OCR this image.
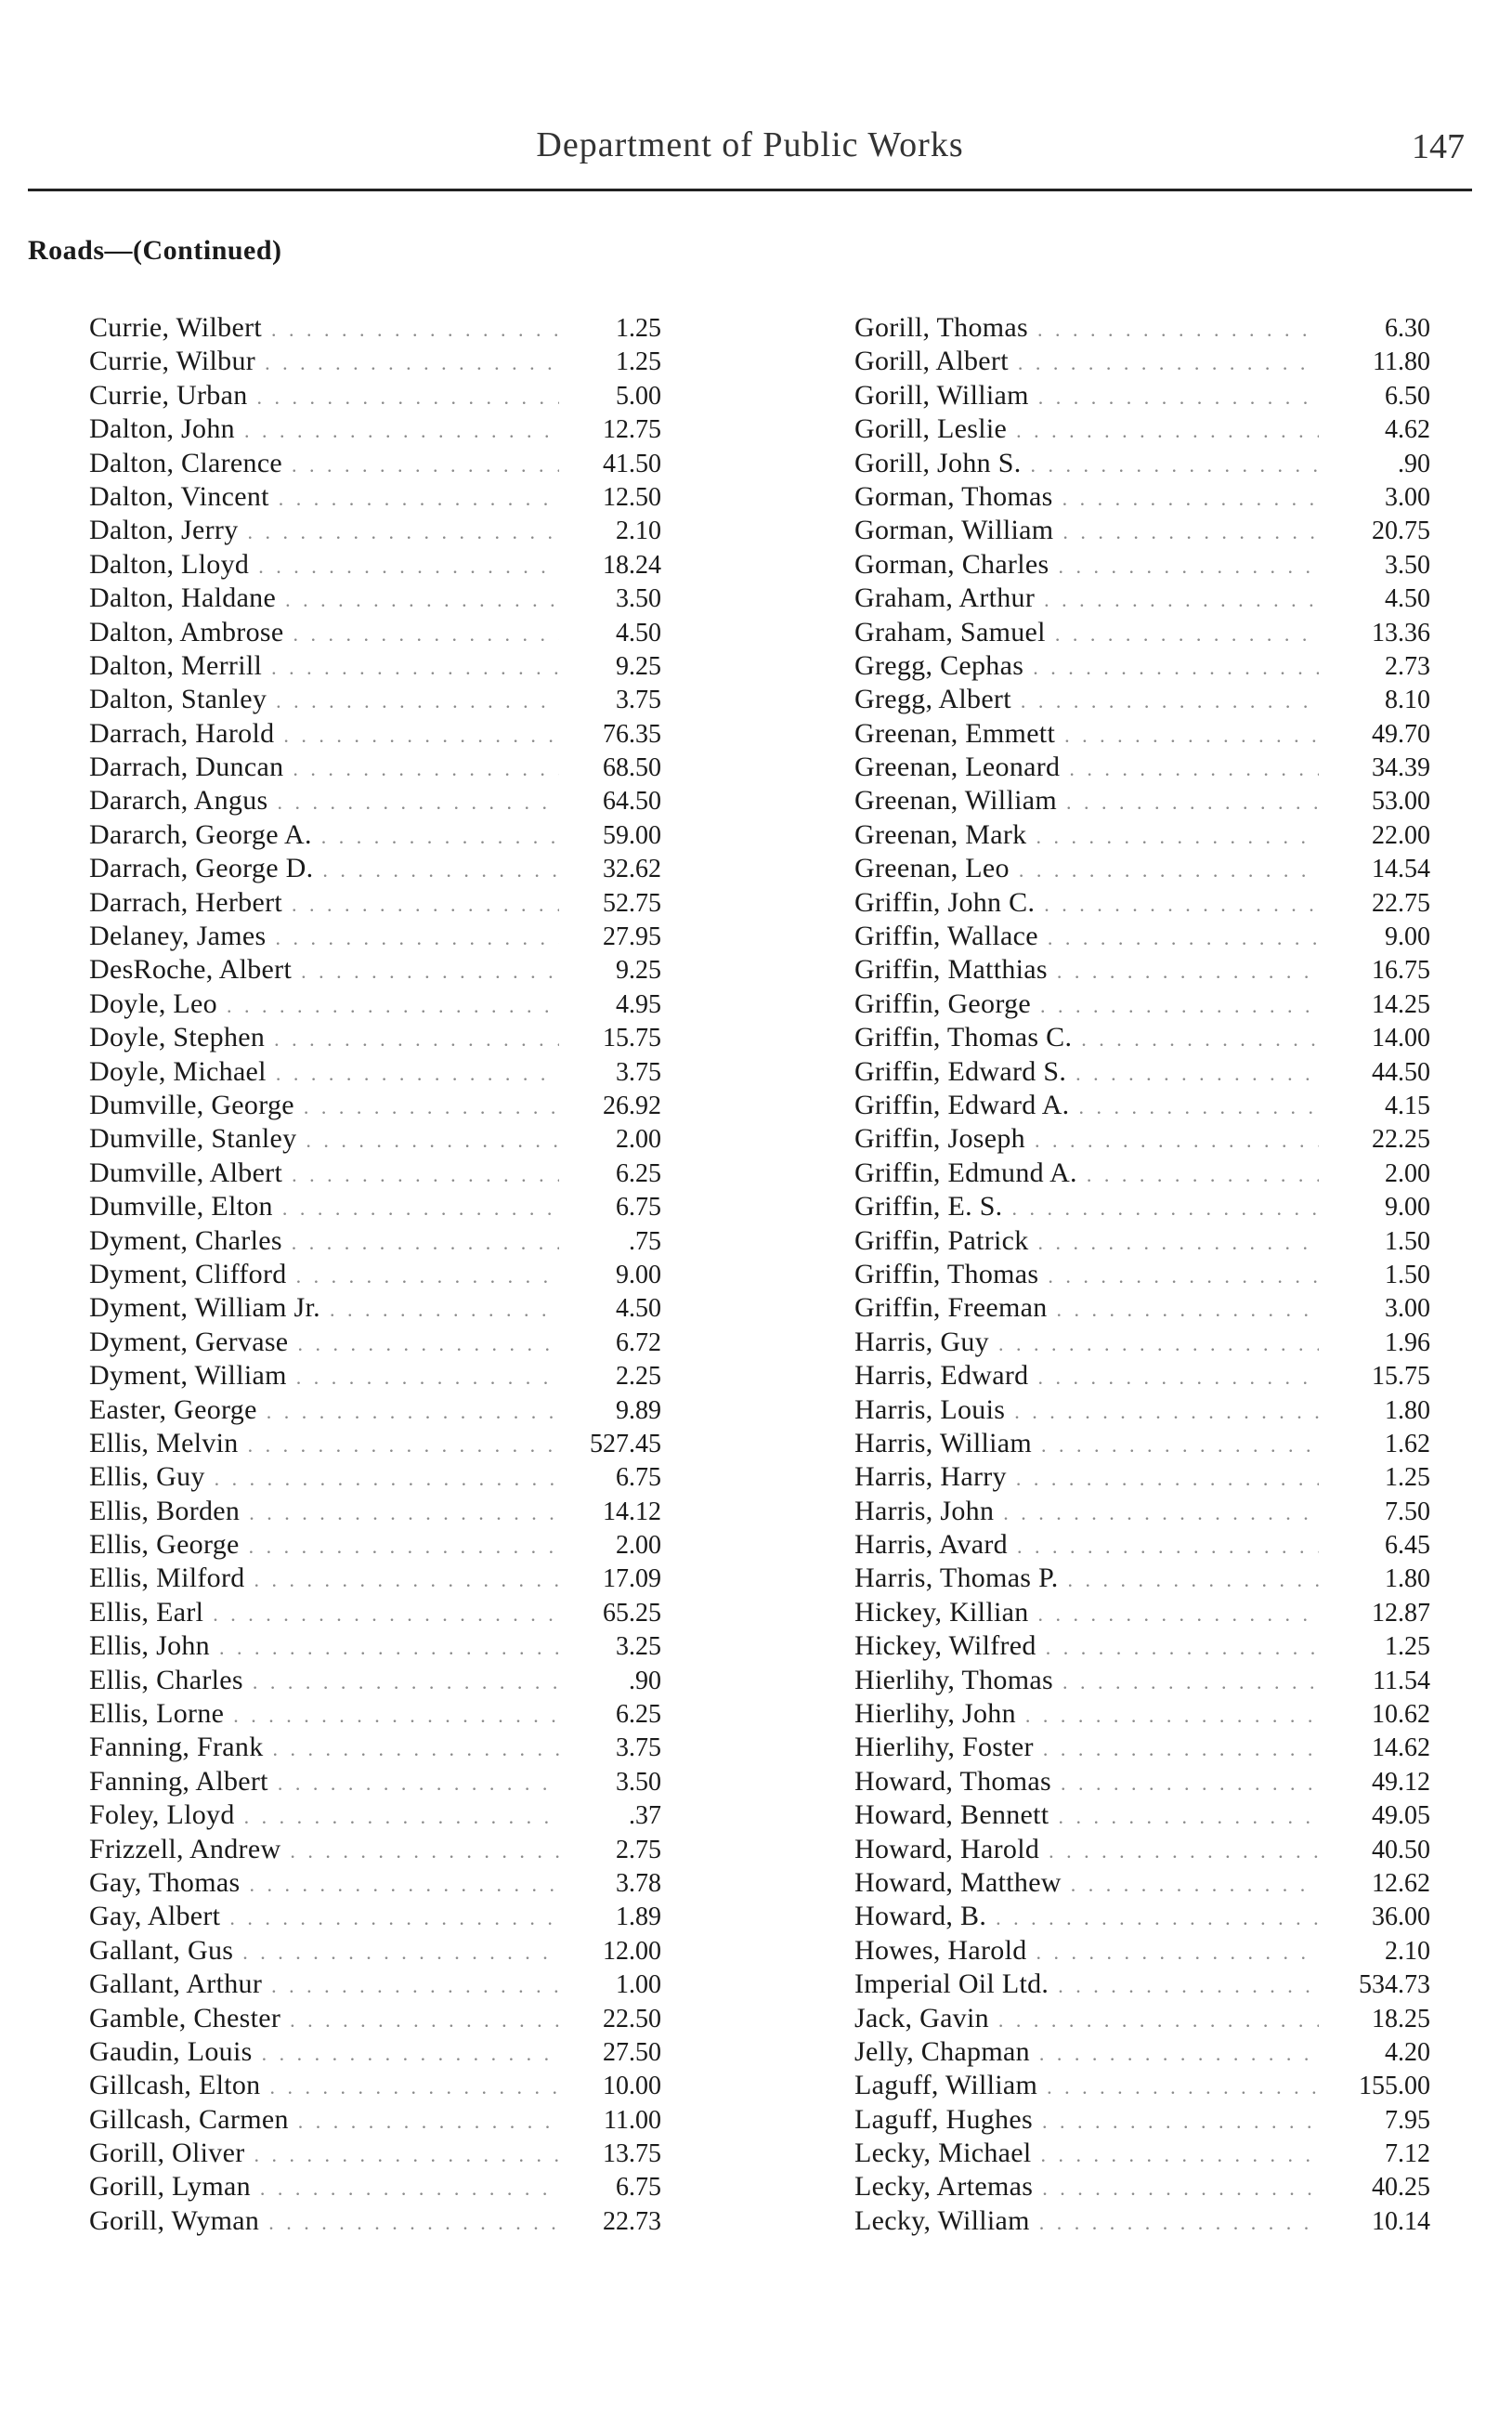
Department of Public Works	147
Roads—(Continued)
Currie, Wilbert . . .	1.25
Currie, Wilbur . . .	1.25
Currie, Urban . . .	5.00
Dalton, John . . .	12.75
Dalton, Clarence . . .	41.50
Dalton, Vincent . . .	12.50
Dalton, Jerry . . .	2.10
Dalton, Lloyd . . .	18.24
Dalton, Haldane . . .	3.50
Dalton, Ambrose . . .	4.50
Dalton, Merrill . . .	9.25
Dalton, Stanley . . .	3.75
Darrach, Harold . . .	76.35
Darrach, Duncan . . .	68.50
Dararch, Angus . . .	64.50
Dararch, George A. . . .	59.00
Darrach, George D. . . .	32.62
Darrach, Herbert . . .	52.75
Delaney, James . . .	27.95
DesRoche, Albert . . .	9.25
Doyle, Leo . . .	4.95
Doyle, Stephen . . .	15.75
Doyle, Michael . . .	3.75
Dumville, George . . .	26.92
Dumville, Stanley . . .	2.00
Dumville, Albert . . .	6.25
Dumville, Elton . . .	6.75
Dyment, Charles . . .	.75
Dyment, Clifford . . .	9.00
Dyment, William Jr. . . .	4.50
Dyment, Gervase . . .	6.72
Dyment, William . . .	2.25
Easter, George . . .	9.89
Ellis, Melvin . . .	527.45
Ellis, Guy . . .	6.75
Ellis, Borden . . .	14.12
Ellis, George . . .	2.00
Ellis, Milford . . .	17.09
Ellis, Earl . . .	65.25
Ellis, John . . .	3.25
Ellis, Charles . . .	.90
Ellis, Lorne . . .	6.25
Fanning, Frank . . .	3.75
Fanning, Albert . . .	3.50
Foley, Lloyd . . .	.37
Frizzell, Andrew . . .	2.75
Gay, Thomas . . .	3.78
Gay, Albert . . .	1.89
Gallant, Gus . . .	12.00
Gallant, Arthur . . .	1.00
Gamble, Chester . . .	22.50
Gaudin, Louis . . .	27.50
Gillcash, Elton . . .	10.00
Gillcash, Carmen . . .	11.00
Gorill, Oliver . . .	13.75
Gorill, Lyman . . .	6.75
Gorill, Wyman . . .	22.73
Gorill, Thomas . . .	6.30
Gorill, Albert . . .	11.80
Gorill, William . . .	6.50
Gorill, Leslie . . .	4.62
Gorill, John S. . . .	.90
Gorman, Thomas . . .	3.00
Gorman, William . . .	20.75
Gorman, Charles . . .	3.50
Graham, Arthur . . .	4.50
Graham, Samuel . . .	13.36
Gregg, Cephas . . .	2.73
Gregg, Albert . . .	8.10
Greenan, Emmett . . .	49.70
Greenan, Leonard . . .	34.39
Greenan, William . . .	53.00
Greenan, Mark . . .	22.00
Greenan, Leo . . .	14.54
Griffin, John C. . . .	22.75
Griffin, Wallace . . .	9.00
Griffin, Matthias . . .	16.75
Griffin, George . . .	14.25
Griffin, Thomas C. . . .	14.00
Griffin, Edward S. . . .	44.50
Griffin, Edward A. . . .	4.15
Griffin, Joseph . . .	22.25
Griffin, Edmund A. . . .	2.00
Griffin, E. S. . . .	9.00
Griffin, Patrick . . .	1.50
Griffin, Thomas . . .	1.50
Griffin, Freeman . . .	3.00
Harris, Guy . . .	1.96
Harris, Edward . . .	15.75
Harris, Louis . . .	1.80
Harris, William . . .	1.62
Harris, Harry . . .	1.25
Harris, John . . .	7.50
Harris, Avard . . .	6.45
Harris, Thomas P. . . .	1.80
Hickey, Killian . . .	12.87
Hickey, Wilfred . . .	1.25
Hierlihy, Thomas . . .	11.54
Hierlihy, John . . .	10.62
Hierlihy, Foster . . .	14.62
Howard, Thomas . . .	49.12
Howard, Bennett . . .	49.05
Howard, Harold . . .	40.50
Howard, Matthew . . .	12.62
Howard, B. . . .	36.00
Howes, Harold . . .	2.10
Imperial Oil Ltd. . . .	534.73
Jack, Gavin . . .	18.25
Jelly, Chapman . . .	4.20
Laguff, William . . .	155.00
Laguff, Hughes . . .	7.95
Lecky, Michael . . .	7.12
Lecky, Artemas . . .	40.25
Lecky, William . . .	10.14
